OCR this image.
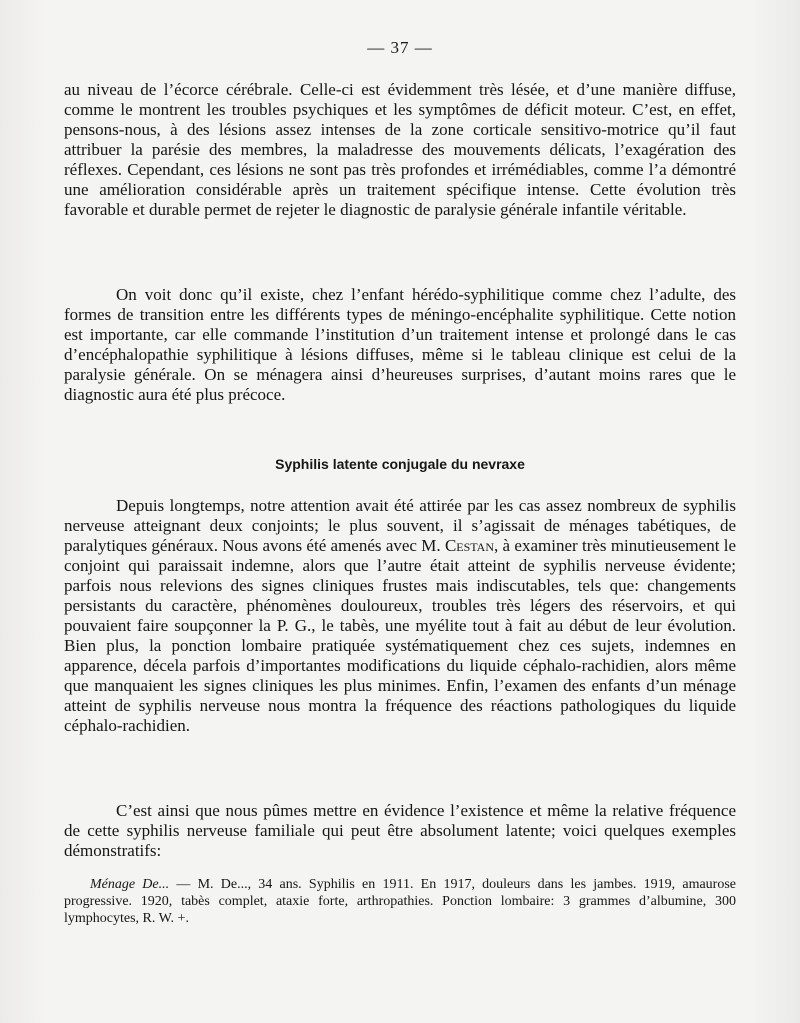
— 37 —

au niveau de l’écorce cérébrale. Celle-ci est évidemment très lésée, et d’une manière diffuse, comme le montrent les troubles psychiques et les symptômes de déficit moteur. C’est, en effet, pensons-nous, à des lésions assez intenses de la zone corticale sensitivo-motrice qu’il faut attribuer la parésie des membres, la maladresse des mouvements délicats, l’exagération des réflexes. Cependant, ces lésions ne sont pas très profondes et irrémédiables, comme l’a démontré une amélioration considérable après un traitement spécifique intense. Cette évolution très favorable et durable permet de rejeter le diagnostic de paralysie générale infantile véritable.

On voit donc qu’il existe, chez l’enfant hérédo-syphilitique comme chez l’adulte, des formes de transition entre les différents types de méningo-encéphalite syphilitique. Cette notion est importante, car elle commande l’institution d’un traitement intense et prolongé dans le cas d’encéphalopathie syphilitique à lésions diffuses, même si le tableau clinique est celui de la paralysie générale. On se ménagera ainsi d’heureuses surprises, d’autant moins rares que le diagnostic aura été plus précoce.

Syphilis latente conjugale du nevraxe

Depuis longtemps, notre attention avait été attirée par les cas assez nombreux de syphilis nerveuse atteignant deux conjoints; le plus souvent, il s’agissait de ménages tabétiques, de paralytiques généraux. Nous avons été amenés avec M. Cestan, à examiner très minutieusement le conjoint qui paraissait indemne, alors que l’autre était atteint de syphilis nerveuse évidente; parfois nous relevions des signes cliniques frustes mais indiscutables, tels que: changements persistants du caractère, phénomènes douloureux, troubles très légers des réservoirs, et qui pouvaient faire soupçonner la P. G., le tabès, une myélite tout à fait au début de leur évolution. Bien plus, la ponction lombaire pratiquée systématiquement chez ces sujets, indemnes en apparence, décela parfois d’importantes modifications du liquide céphalo-rachidien, alors même que manquaient les signes cliniques les plus minimes. Enfin, l’examen des enfants d’un ménage atteint de syphilis nerveuse nous montra la fréquence des réactions pathologiques du liquide céphalo-rachidien.

C’est ainsi que nous pûmes mettre en évidence l’existence et même la relative fréquence de cette syphilis nerveuse familiale qui peut être absolument latente; voici quelques exemples démonstratifs:

Ménage De... — M. De..., 34 ans. Syphilis en 1911. En 1917, douleurs dans les jambes. 1919, amaurose progressive. 1920, tabès complet, ataxie forte, arthropathies. Ponction lombaire: 3 grammes d’albumine, 300 lymphocytes, R. W. +.
